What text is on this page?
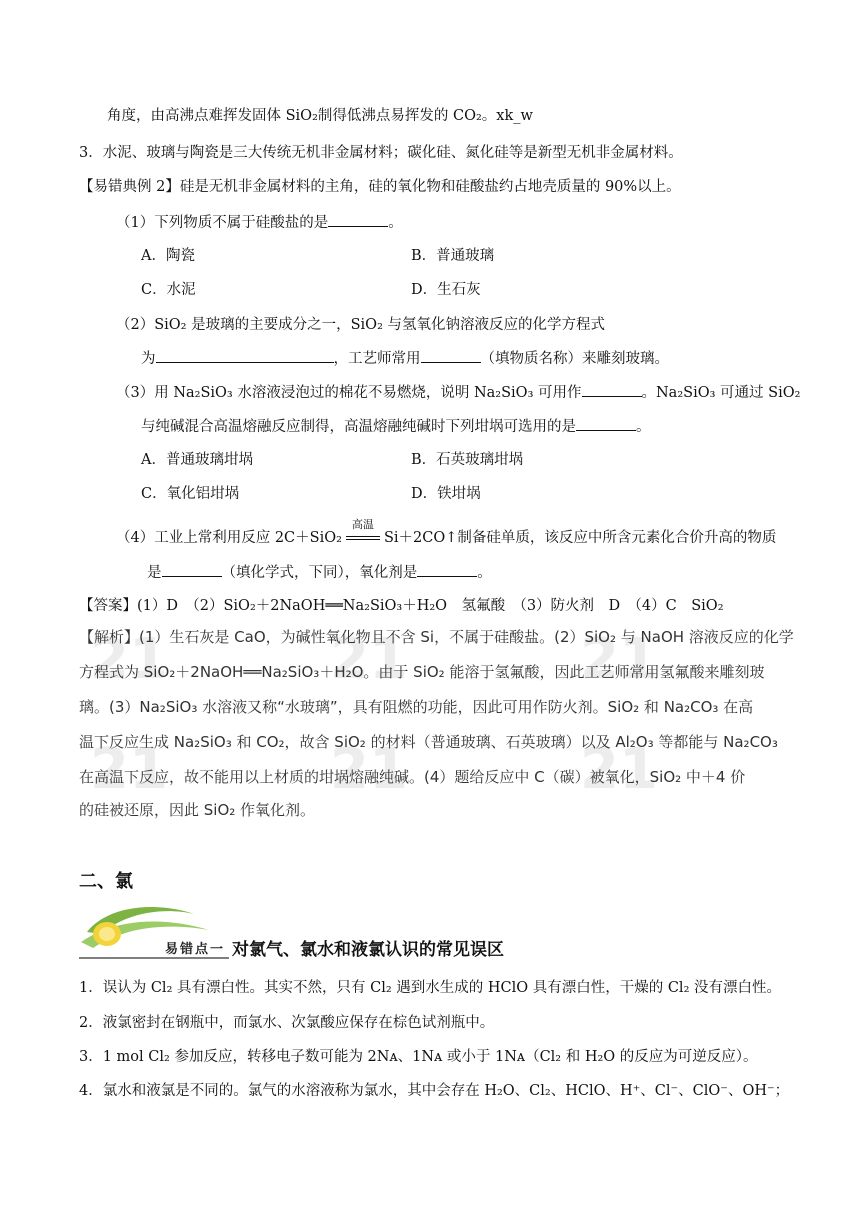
角度，由高沸点难挥发固体 SiO₂制得低沸点易挥发的 CO₂。xk_w
3．水泥、玻璃与陶瓷是三大传统无机非金属材料；碳化硅、氮化硅等是新型无机非金属材料。
【易错典例 2】硅是无机非金属材料的主角，硅的氧化物和硅酸盐约占地壳质量的 90%以上。
（1）下列物质不属于硅酸盐的是	。
A．陶瓷	B．普通玻璃
C．水泥	D．生石灰
（2）SiO₂ 是玻璃的主要成分之一，SiO₂ 与氢氧化钠溶液反应的化学方程式
为	，工艺师常用	（填物质名称）来雕刻玻璃。
（3）用 Na₂SiO₃ 水溶液浸泡过的棉花不易燃烧，说明 Na₂SiO₃ 可用作	。Na₂SiO₃ 可通过 SiO₂
与纯碱混合高温熔融反应制得，高温熔融纯碱时下列坩埚可选用的是	。
A．普通玻璃坩埚	B．石英玻璃坩埚
C．氧化铝坩埚	D．铁坩埚
（4）工业上常利用反应 2C＋SiO₂
高温
Si＋2CO↑制备硅单质，该反应中所含元素化合价升高的物质
是	（填化学式，下同），氧化剂是	。
【答案】(1）D　（2）SiO₂＋2NaOH══Na₂SiO₃＋H₂O　氢氟酸　（3）防火剂　D　（4）C　SiO₂
21	21	21
21	21	21
【解析】(1）生石灰是 CaO，为碱性氧化物且不含 Si，不属于硅酸盐。(2）SiO₂ 与 NaOH 溶液反应的化学
方程式为 SiO₂＋2NaOH══Na₂SiO₃＋H₂O。由于 SiO₂ 能溶于氢氟酸，因此工艺师常用氢氟酸来雕刻玻
璃。(3）Na₂SiO₃ 水溶液又称“水玻璃”，具有阻燃的功能，因此可用作防火剂。SiO₂ 和 Na₂CO₃ 在高
温下反应生成 Na₂SiO₃ 和 CO₂，故含 SiO₂ 的材料（普通玻璃、石英玻璃）以及 Al₂O₃ 等都能与 Na₂CO₃
在高温下反应，故不能用以上材质的坩埚熔融纯碱。(4）题给反应中 C（碳）被氧化，SiO₂ 中＋4 价
的硅被还原，因此 SiO₂ 作氧化剂。
二、氯
易错点一 对氯气、氯水和液氯认识的常见误区
1．误认为 Cl₂ 具有漂白性。其实不然，只有 Cl₂ 遇到水生成的 HClO 具有漂白性，干燥的 Cl₂ 没有漂白性。
2．液氯密封在钢瓶中，而氯水、次氯酸应保存在棕色试剂瓶中。
3．1 mol Cl₂ 参加反应，转移电子数可能为 2Nᴀ、1Nᴀ 或小于 1Nᴀ（Cl₂ 和 H₂O 的反应为可逆反应）。
4．氯水和液氯是不同的。氯气的水溶液称为氯水，其中会存在 H₂O、Cl₂、HClO、H⁺、Cl⁻、ClO⁻、OH⁻；
